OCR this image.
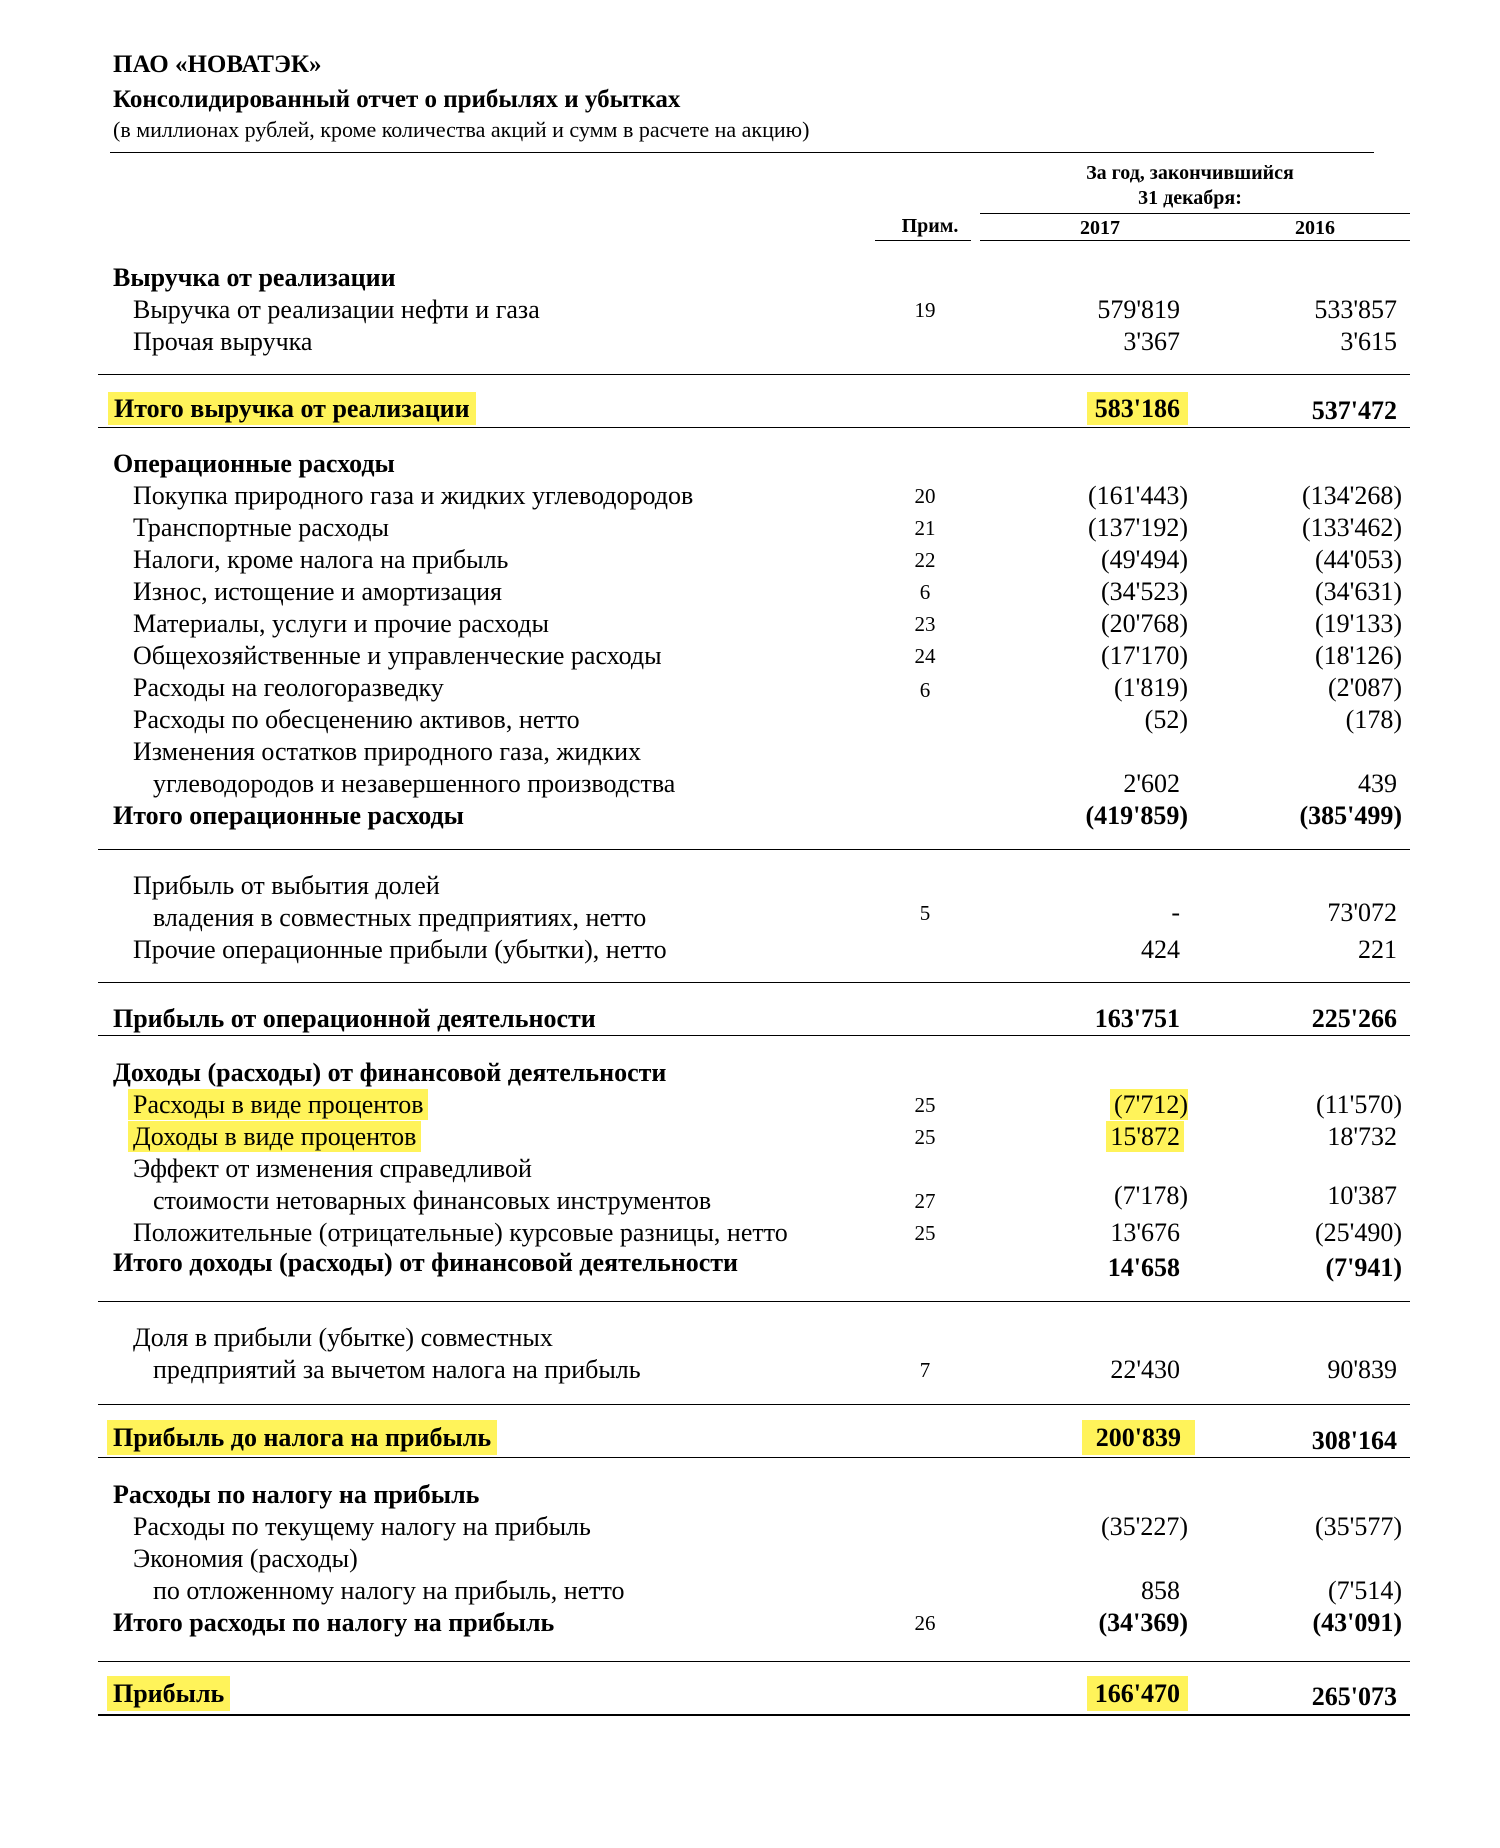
ПАО «НОВАТЭК»
Консолидированный отчет о прибылях и убытках
(в миллионах рублей, кроме количества акций и сумм в расчете на акцию)
За год, закончившийся
31 декабря:
Прим.	2017	2016
Выручка от реализации
Выручка от реализации нефти и газа	19	579'819	533'857
Прочая выручка	3'367	3'615
Итого выручка от реализации	583'186	537'472
Операционные расходы
Покупка природного газа и жидких углеводородов	20	(161'443)	(134'268)
Транспортные расходы	21	(137'192)	(133'462)
Налоги, кроме налога на прибыль	22	(49'494)	(44'053)
Износ, истощение и амортизация	6	(34'523)	(34'631)
Материалы, услуги и прочие расходы	23	(20'768)	(19'133)
Общехозяйственные и управленческие расходы	24	(17'170)	(18'126)
Расходы на геологоразведку	6	(1'819)	(2'087)
Расходы по обесценению активов, нетто	(52)	(178)
Изменения остатков природного газа, жидких
углеводородов и незавершенного производства	2'602	439
Итого операционные расходы	(419'859)	(385'499)
Прибыль от выбытия долей
владения в совместных предприятиях, нетто	5	-	73'072
Прочие операционные прибыли (убытки), нетто	424	221
Прибыль от операционной деятельности	163'751	225'266
Доходы (расходы) от финансовой деятельности
Расходы в виде процентов	25	(7'712)	(11'570)
Доходы в виде процентов	25	15'872	18'732
Эффект от изменения справедливой
стоимости нетоварных финансовых инструментов	27	(7'178)	10'387
Положительные (отрицательные) курсовые разницы, нетто	25	13'676	(25'490)
Итого доходы (расходы) от финансовой деятельности	14'658	(7'941)
Доля в прибыли (убытке) совместных
предприятий за вычетом налога на прибыль	7	22'430	90'839
Прибыль до налога на прибыль	200'839	308'164
Расходы по налогу на прибыль
Расходы по текущему налогу на прибыль	(35'227)	(35'577)
Экономия (расходы)
по отложенному налогу на прибыль, нетто	858	(7'514)
Итого расходы по налогу на прибыль	26	(34'369)	(43'091)
Прибыль	166'470	265'073
